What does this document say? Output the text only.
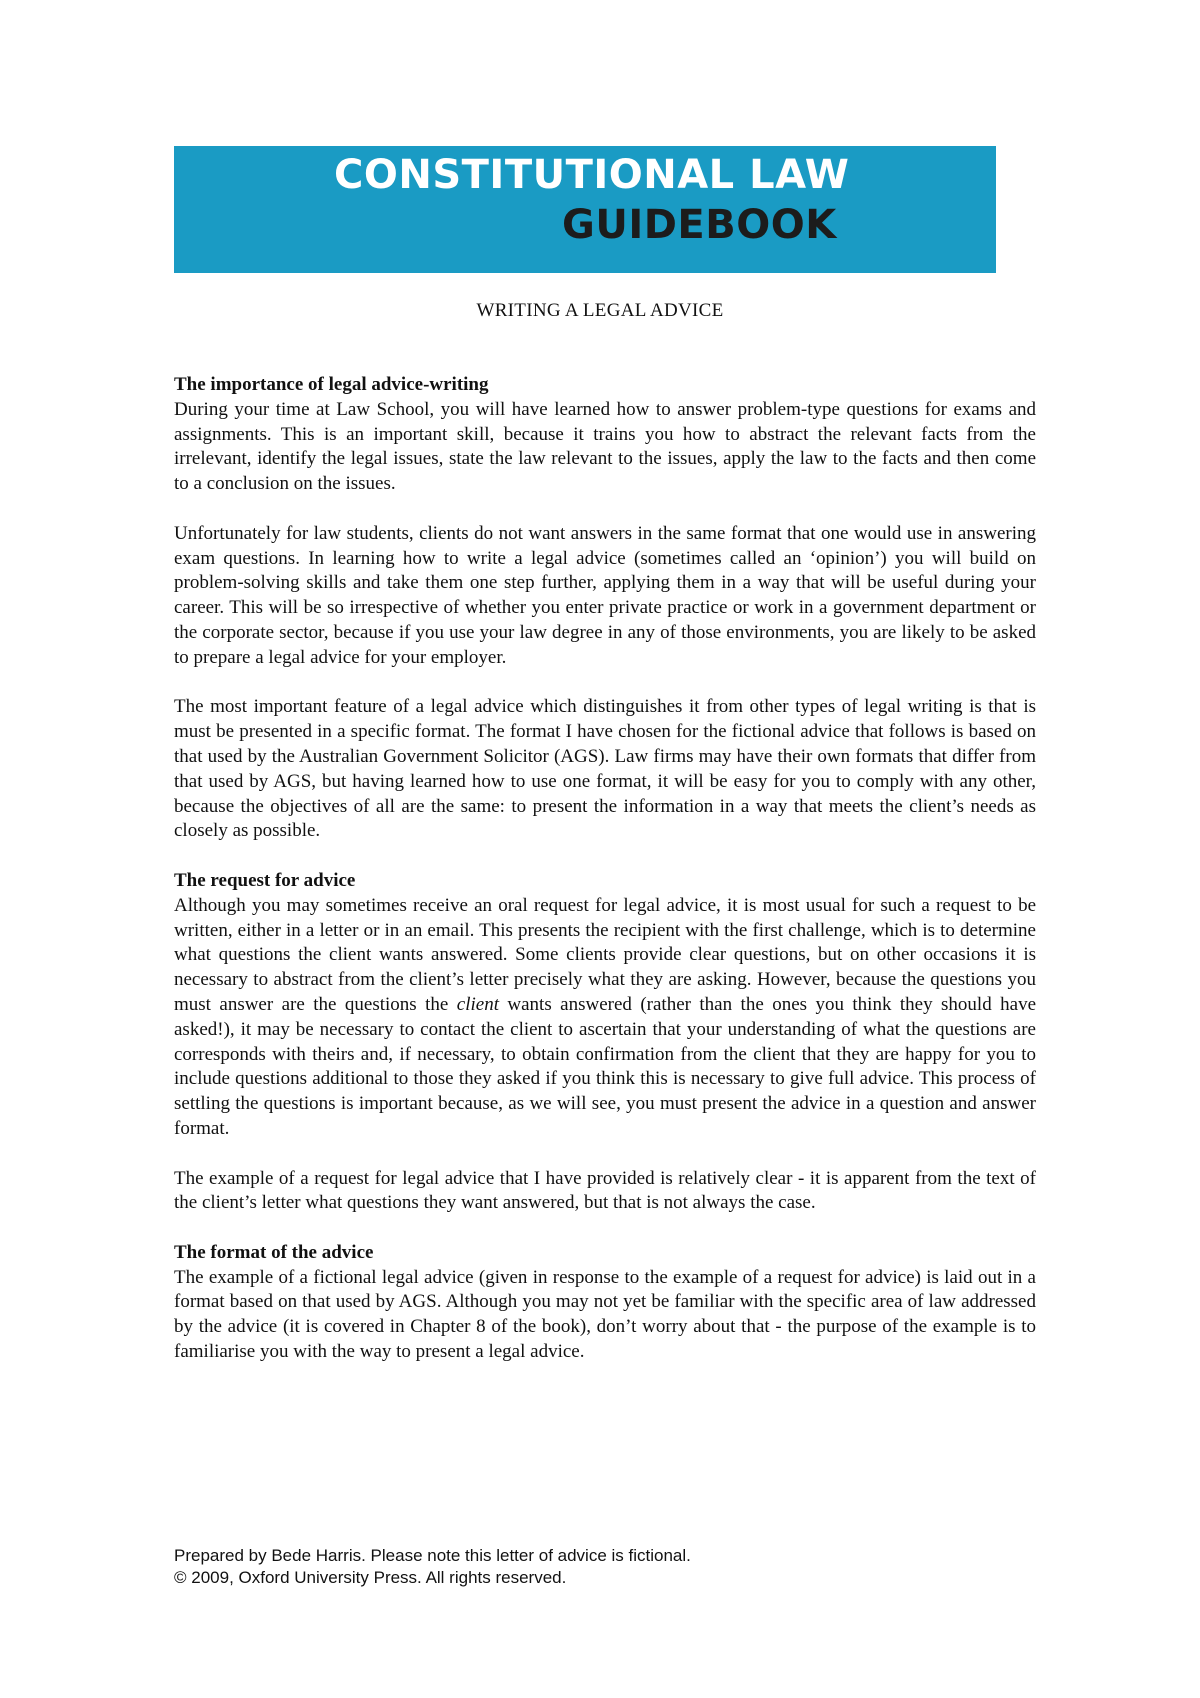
CONSTITUTIONAL LAW
GUIDEBOOK
WRITING A LEGAL ADVICE
The importance of legal advice-writing

During your time at Law School, you will have learned how to answer problem-type questions for exams and assignments. This is an important skill, because it trains you how to abstract the relevant facts from the irrelevant, identify the legal issues, state the law relevant to the issues, apply the law to the facts and then come to a conclusion on the issues.

Unfortunately for law students, clients do not want answers in the same format that one would use in answering exam questions. In learning how to write a legal advice (sometimes called an ‘opinion’) you will build on problem-solving skills and take them one step further, applying them in a way that will be useful during your career. This will be so irrespective of whether you enter private practice or work in a government department or the corporate sector, because if you use your law degree in any of those environments, you are likely to be asked to prepare a legal advice for your employer.

The most important feature of a legal advice which distinguishes it from other types of legal writing is that is must be presented in a specific format. The format I have chosen for the fictional advice that follows is based on that used by the Australian Government Solicitor (AGS). Law firms may have their own formats that differ from that used by AGS, but having learned how to use one format, it will be easy for you to comply with any other, because the objectives of all are the same: to present the information in a way that meets the client’s needs as closely as possible.

The request for advice

Although you may sometimes receive an oral request for legal advice, it is most usual for such a request to be written, either in a letter or in an email. This presents the recipient with the first challenge, which is to determine what questions the client wants answered. Some clients provide clear questions, but on other occasions it is necessary to abstract from the client’s letter precisely what they are asking. However, because the questions you must answer are the questions the client wants answered (rather than the ones you think they should have asked!), it may be necessary to contact the client to ascertain that your understanding of what the questions are corresponds with theirs and, if necessary, to obtain confirmation from the client that they are happy for you to include questions additional to those they asked if you think this is necessary to give full advice. This process of settling the questions is important because, as we will see, you must present the advice in a question and answer format.

The example of a request for legal advice that I have provided is relatively clear - it is apparent from the text of the client’s letter what questions they want answered, but that is not always the case.

The format of the advice

The example of a fictional legal advice (given in response to the example of a request for advice) is laid out in a format based on that used by AGS. Although you may not yet be familiar with the specific area of law addressed by the advice (it is covered in Chapter 8 of the book), don’t worry about that - the purpose of the example is to familiarise you with the way to present a legal advice.

Prepared by Bede Harris. Please note this letter of advice is fictional.
© 2009, Oxford University Press. All rights reserved.
